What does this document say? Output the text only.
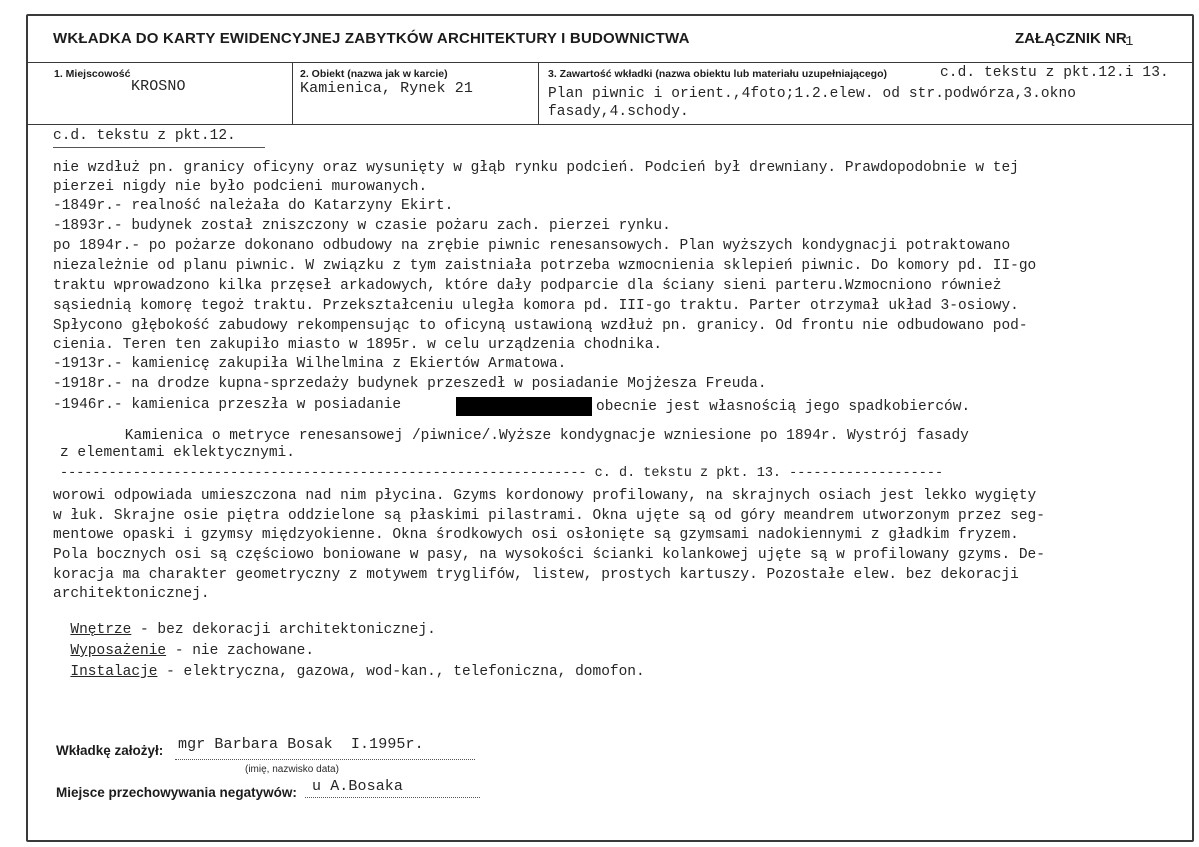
WKŁADKA DO KARTY EWIDENCYJNEJ ZABYTKÓW ARCHITEKTURY I BUDOWNICTWA	ZAŁĄCZNIK NR
1
1. Miejscowość
KROSNO
2. Obiekt (nazwa jak w karcie)
Kamienica, Rynek 21
3. Zawartość wkładki (nazwa obiektu lub materiału uzupełniającego)	c.d. tekstu z pkt.12.i 13.
Plan piwnic i orient.,4foto;1.2.elew. od str.podwórza,3.okno
fasady,4.schody.
c.d. tekstu z pkt.12.
nie wzdłuż pn. granicy oficyny oraz wysunięty w głąb rynku podcień. Podcień był drewniany. Prawdopodobnie w tej
pierzei nigdy nie było podcieni murowanych.
-1849r.- realność należała do Katarzyny Ekirt.
-1893r.- budynek został zniszczony w czasie pożaru zach. pierzei rynku.
po 1894r.- po pożarze dokonano odbudowy na zrębie piwnic renesansowych. Plan wyższych kondygnacji potraktowano
niezależnie od planu piwnic. W związku z tym zaistniała potrzeba wzmocnienia sklepień piwnic. Do komory pd. II-go
traktu wprowadzono kilka przęseł arkadowych, które dały podparcie dla ściany sieni parteru.Wzmocniono również
sąsiednią komorę tegoż traktu. Przekształceniu uległa komora pd. III-go traktu. Parter otrzymał układ 3-osiowy.
Spłycono głębokość zabudowy rekompensując to oficyną ustawioną wzdłuż pn. granicy. Od frontu nie odbudowano pod-
cienia. Teren ten zakupiło miasto w 1895r. w celu urządzenia chodnika.
-1913r.- kamienicę zakupiła Wilhelmina z Ekiertów Armatowa.
-1918r.- na drodze kupna-sprzedaży budynek przeszedł w posiadanie Mojżesza Freuda.
-1946r.- kamienica przeszła w posiadanie	obecnie jest własnością jego spadkobierców.
Kamienica o metryce renesansowej /piwnice/.Wyższe kondygnacje wzniesione po 1894r. Wystrój fasady
z elementami eklektycznymi.
----------------------------------------------------------------- c. d. tekstu z pkt. 13. -------------------
worowi odpowiada umieszczona nad nim płycina. Gzyms kordonowy profilowany, na skrajnych osiach jest lekko wygięty
w łuk. Skrajne osie piętra oddzielone są płaskimi pilastrami. Okna ujęte są od góry meandrem utworzonym przez seg-
mentowe opaski i gzymsy międzyokienne. Okna środkowych osi osłonięte są gzymsami nadokiennymi z gładkim fryzem.
Pola bocznych osi są częściowo boniowane w pasy, na wysokości ścianki kolankowej ujęte są w profilowany gzyms. De-
koracja ma charakter geometryczny z motywem tryglifów, listew, prostych kartuszy. Pozostałe elew. bez dekoracji
architektonicznej.

Wnętrze - bez dekoracji architektonicznej.

Wyposażenie - nie zachowane.

Instalacje - elektryczna, gazowa, wod-kan., telefoniczna, domofon.

Wkładkę założył: mgr Barbara Bosak  I.1995r.
(imię, nazwisko data)
Miejsce przechowywania negatywów: u A.Bosaka
